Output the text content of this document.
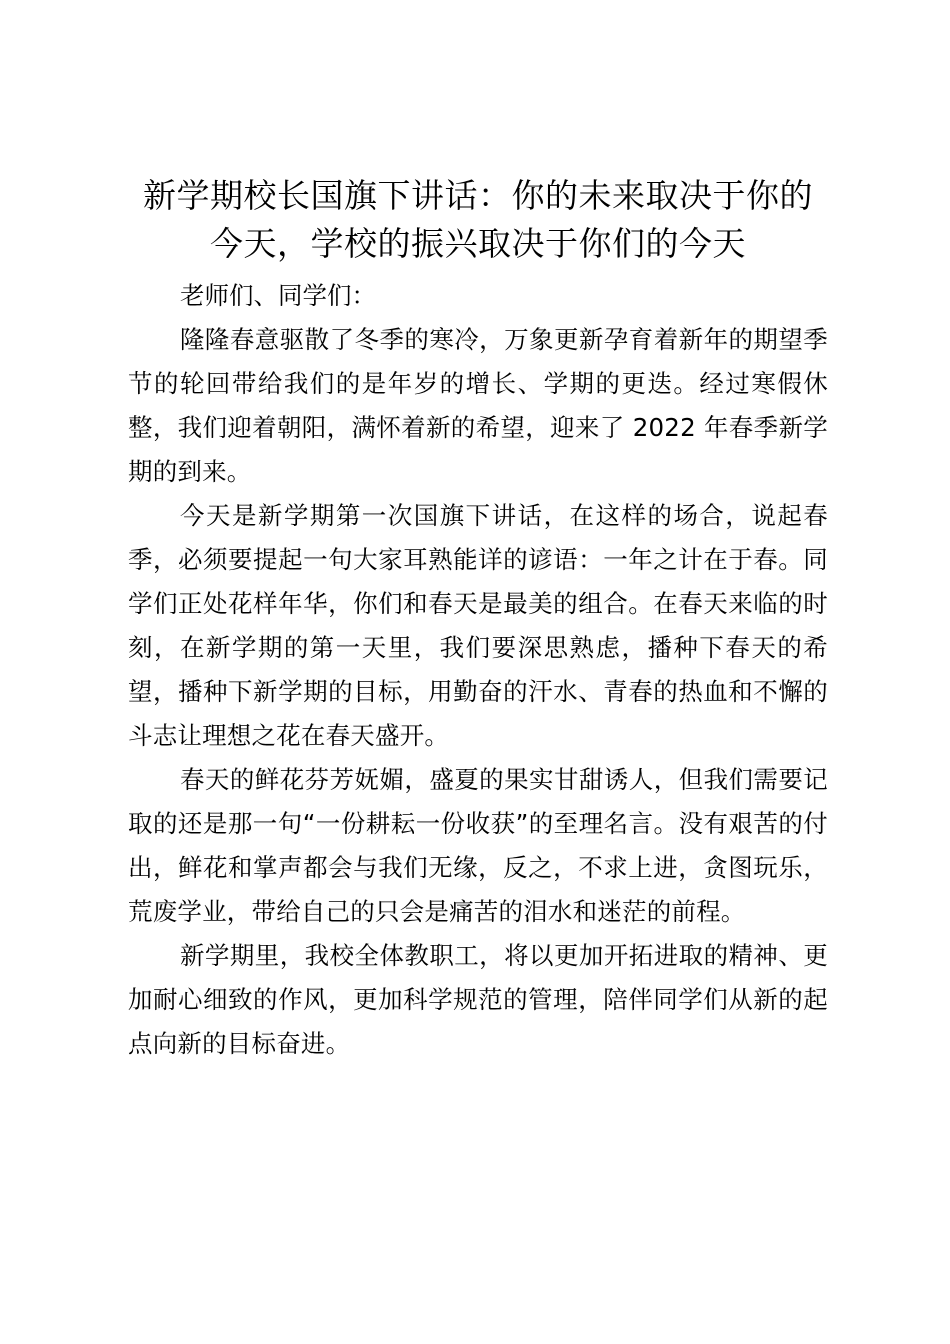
新学期校长国旗下讲话：你的未来取决于你的
今天，学校的振兴取决于你们的今天

老师们、同学们：

隆隆春意驱散了冬季的寒冷，万象更新孕育着新年的期望季节的轮回带给我们的是年岁的增长、学期的更迭。经过寒假休整，我们迎着朝阳，满怀着新的希望，迎来了 2022 年春季新学期的到来。

今天是新学期第一次国旗下讲话，在这样的场合，说起春季，必须要提起一句大家耳熟能详的谚语：一年之计在于春。同学们正处花样年华，你们和春天是最美的组合。在春天来临的时刻，在新学期的第一天里，我们要深思熟虑，播种下春天的希望，播种下新学期的目标，用勤奋的汗水、青春的热血和不懈的斗志让理想之花在春天盛开。

春天的鲜花芬芳妩媚，盛夏的果实甘甜诱人，但我们需要记取的还是那一句“一份耕耘一份收获”的至理名言。没有艰苦的付出，鲜花和掌声都会与我们无缘，反之，不求上进，贪图玩乐，荒废学业，带给自己的只会是痛苦的泪水和迷茫的前程。

新学期里，我校全体教职工，将以更加开拓进取的精神、更加耐心细致的作风，更加科学规范的管理，陪伴同学们从新的起点向新的目标奋进。
